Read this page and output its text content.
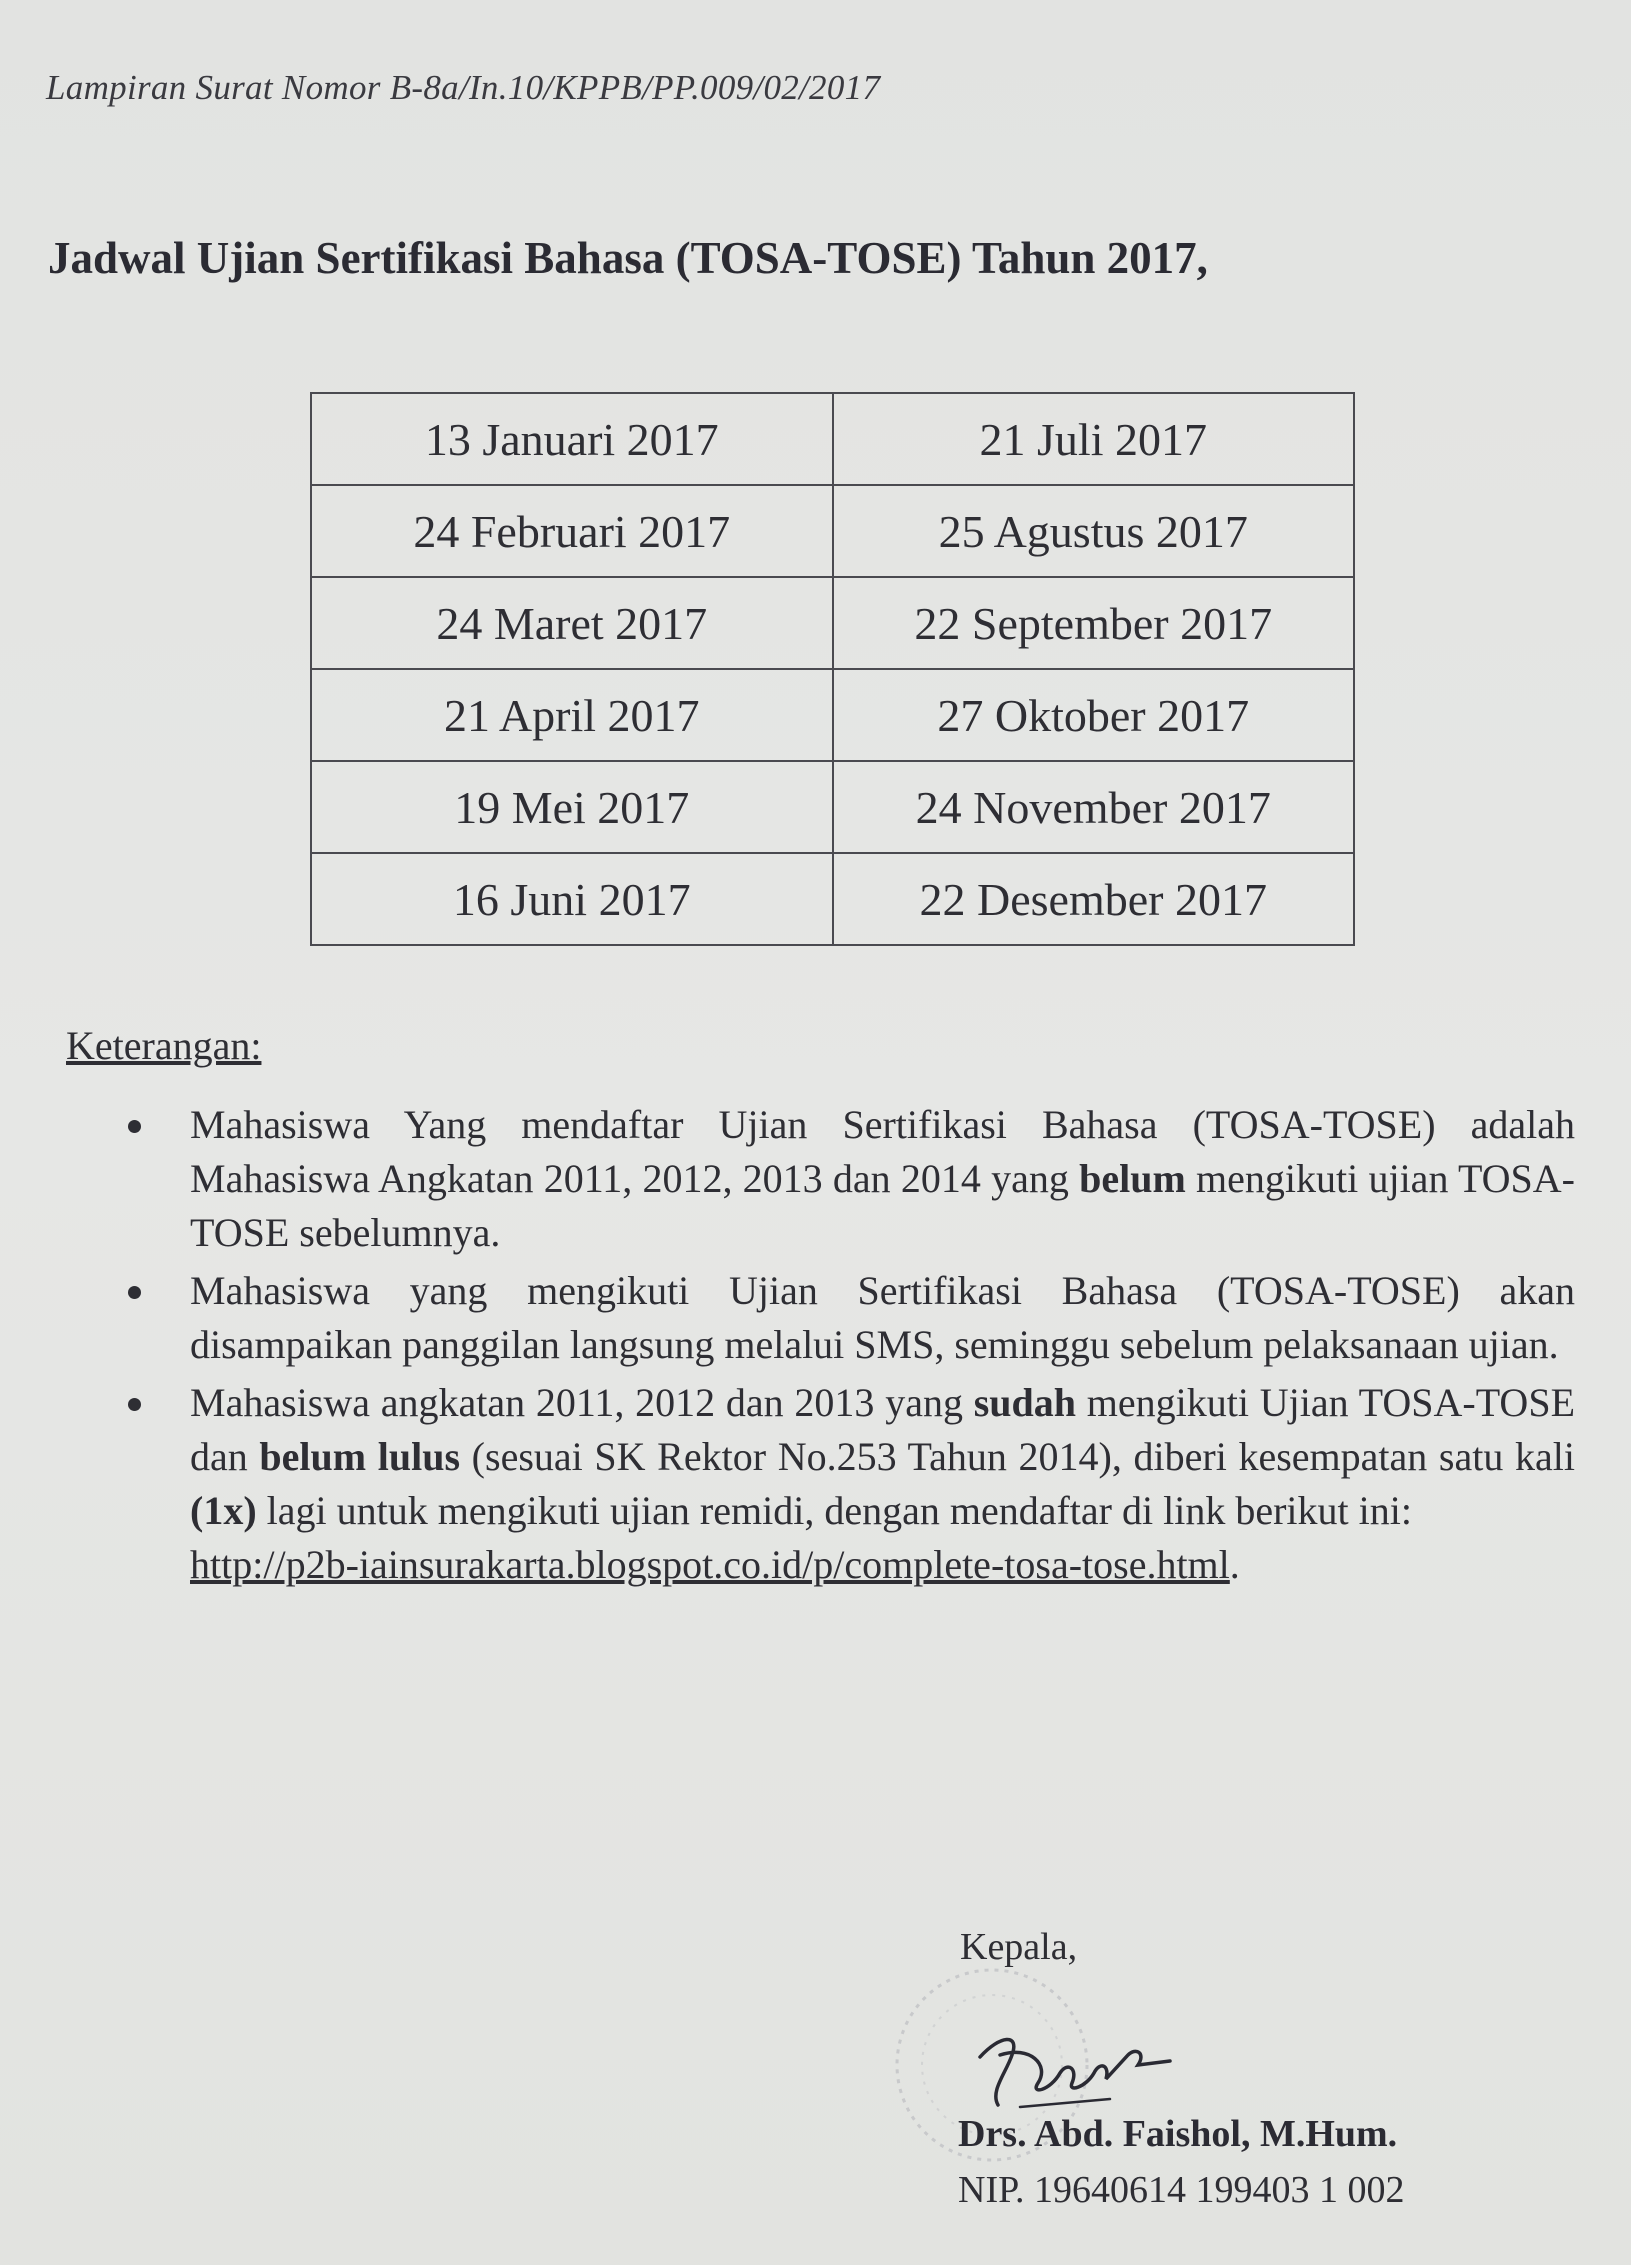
Lampiran Surat Nomor B-8a/In.10/KPPB/PP.009/02/2017
Jadwal Ujian Sertifikasi Bahasa (TOSA-TOSE) Tahun 2017,
13 Januari 2017	21 Juli 2017
24 Februari 2017	25 Agustus 2017
24 Maret 2017	22 September 2017
21 April 2017	27 Oktober 2017
19 Mei 2017	24 November 2017
16 Juni 2017	22 Desember 2017
Keterangan:
Mahasiswa Yang mendaftar Ujian Sertifikasi Bahasa (TOSA-TOSE) adalah Mahasiswa Angkatan 2011, 2012, 2013 dan 2014 yang belum mengikuti ujian TOSA-TOSE sebelumnya.
Mahasiswa yang mengikuti Ujian Sertifikasi Bahasa (TOSA-TOSE) akan disampaikan panggilan langsung melalui SMS, seminggu sebelum pelaksanaan ujian.
Mahasiswa angkatan 2011, 2012 dan 2013 yang sudah mengikuti Ujian TOSA-TOSE dan belum lulus (sesuai SK Rektor No.253 Tahun 2014), diberi kesempatan satu kali (1x) lagi untuk mengikuti ujian remidi, dengan mendaftar di link berikut ini:
http://p2b-iainsurakarta.blogspot.co.id/p/complete-tosa-tose.html.
Kepala,
Drs. Abd. Faishol, M.Hum.
NIP. 19640614 199403 1 002
